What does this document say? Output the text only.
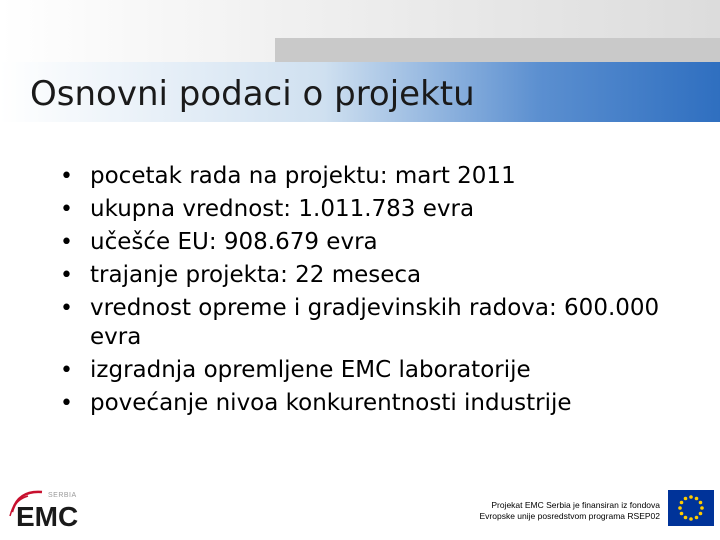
Osnovni podaci o projektu
• pocetak rada na projektu: mart 2011
• ukupna vrednost: 1.011.783 evra
• učešće EU: 908.679 evra
• trajanje projekta: 22 meseca
• vrednost opreme i gradjevinskih radova: 600.000 evra
• izgradnja opremljene EMC laboratorije
• povećanje nivoa konkurentnosti industrije
SERBIA
EMC	Projekat EMC Serbia je finansiran iz fondova
Evropske unije posredstvom programa RSEP02
